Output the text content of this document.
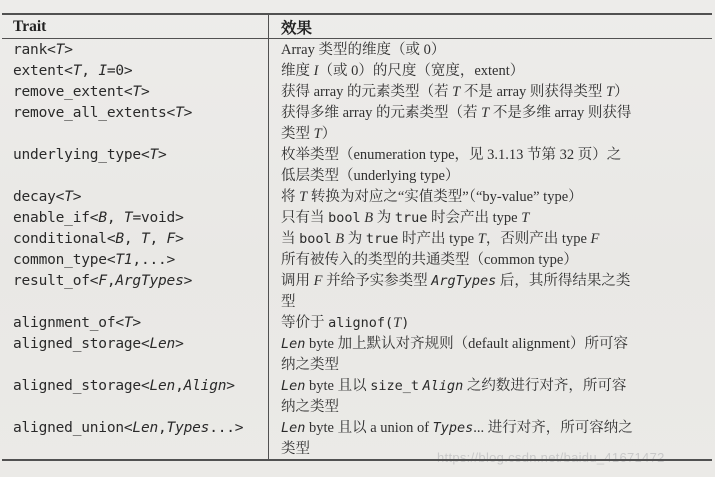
Trait	效果
rank<T>	Array 类型的维度（或 0）
extent<T, I=0>	维度 I（或 0）的尺度（宽度，extent）
remove_extent<T>	获得 array 的元素类型（若 T 不是 array 则获得类型 T）
remove_all_extents<T>	获得多维 array 的元素类型（若 T 不是多维 array 则获得
类型 T）
underlying_type<T>	枚举类型（enumeration type，见 3.1.13 节第 32 页）之
低层类型（underlying type）
decay<T>	将 T 转换为对应之“实值类型”（“by-value” type）
enable_if<B, T=void>	只有当 bool B 为 true 时会产出 type T
conditional<B, T, F>	当 bool B 为 true 时产出 type T，否则产出 type F
common_type<T1,...>	所有被传入的类型的共通类型（common type）
result_of<F,ArgTypes>	调用 F 并给予实参类型 ArgTypes 后，其所得结果之类
型
alignment_of<T>	等价于 alignof(T)
aligned_storage<Len>	Len byte 加上默认对齐规则（default alignment）所可容
纳之类型
aligned_storage<Len,Align>	Len byte 且以 size_t Align 之约数进行对齐，所可容
纳之类型
aligned_union<Len,Types...>	Len byte 且以 a union of Types... 进行对齐，所可容纳之
类型
https://blog.csdn.net/baidu_41671472
